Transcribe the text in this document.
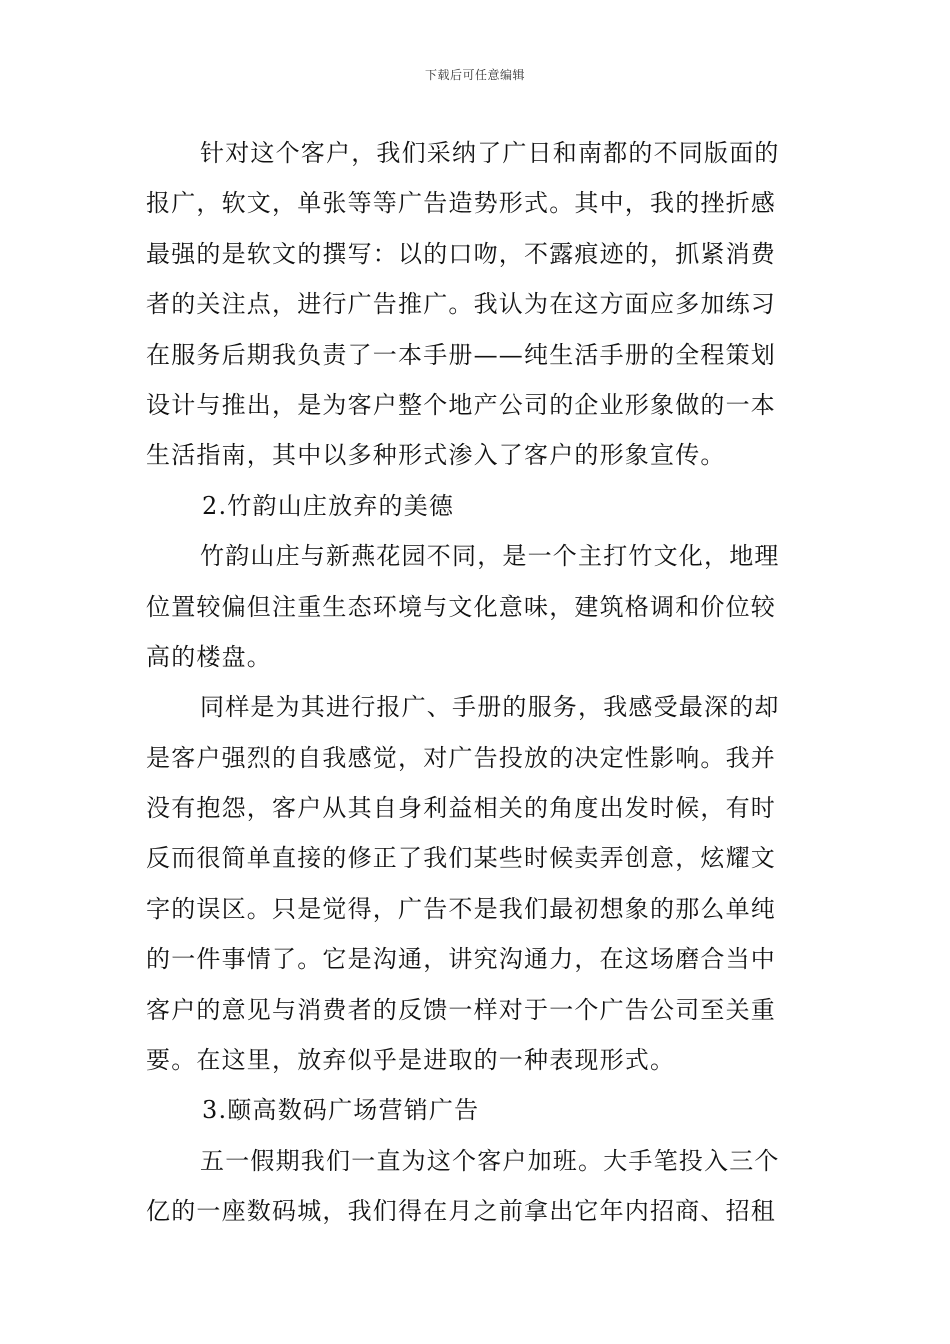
下载后可任意编辑
针对这个客户，我们采纳了广日和南都的不同版面的
报广，软文，单张等等广告造势形式。其中，我的挫折感
最强的是软文的撰写：以的口吻，不露痕迹的，抓紧消费
者的关注点，进行广告推广。我认为在这方面应多加练习
在服务后期我负责了一本手册——纯生活手册的全程策划
设计与推出，是为客户整个地产公司的企业形象做的一本
生活指南，其中以多种形式渗入了客户的形象宣传。
2.竹韵山庄放弃的美德
竹韵山庄与新燕花园不同，是一个主打竹文化，地理
位置较偏但注重生态环境与文化意味，建筑格调和价位较
高的楼盘。
同样是为其进行报广、手册的服务，我感受最深的却
是客户强烈的自我感觉，对广告投放的决定性影响。我并
没有抱怨，客户从其自身利益相关的角度出发时候，有时
反而很简单直接的修正了我们某些时候卖弄创意，炫耀文
字的误区。只是觉得，广告不是我们最初想象的那么单纯
的一件事情了。它是沟通，讲究沟通力，在这场磨合当中
客户的意见与消费者的反馈一样对于一个广告公司至关重
要。在这里，放弃似乎是进取的一种表现形式。
3.颐高数码广场营销广告
五一假期我们一直为这个客户加班。大手笔投入三个
亿的一座数码城，我们得在月之前拿出它年内招商、招租
